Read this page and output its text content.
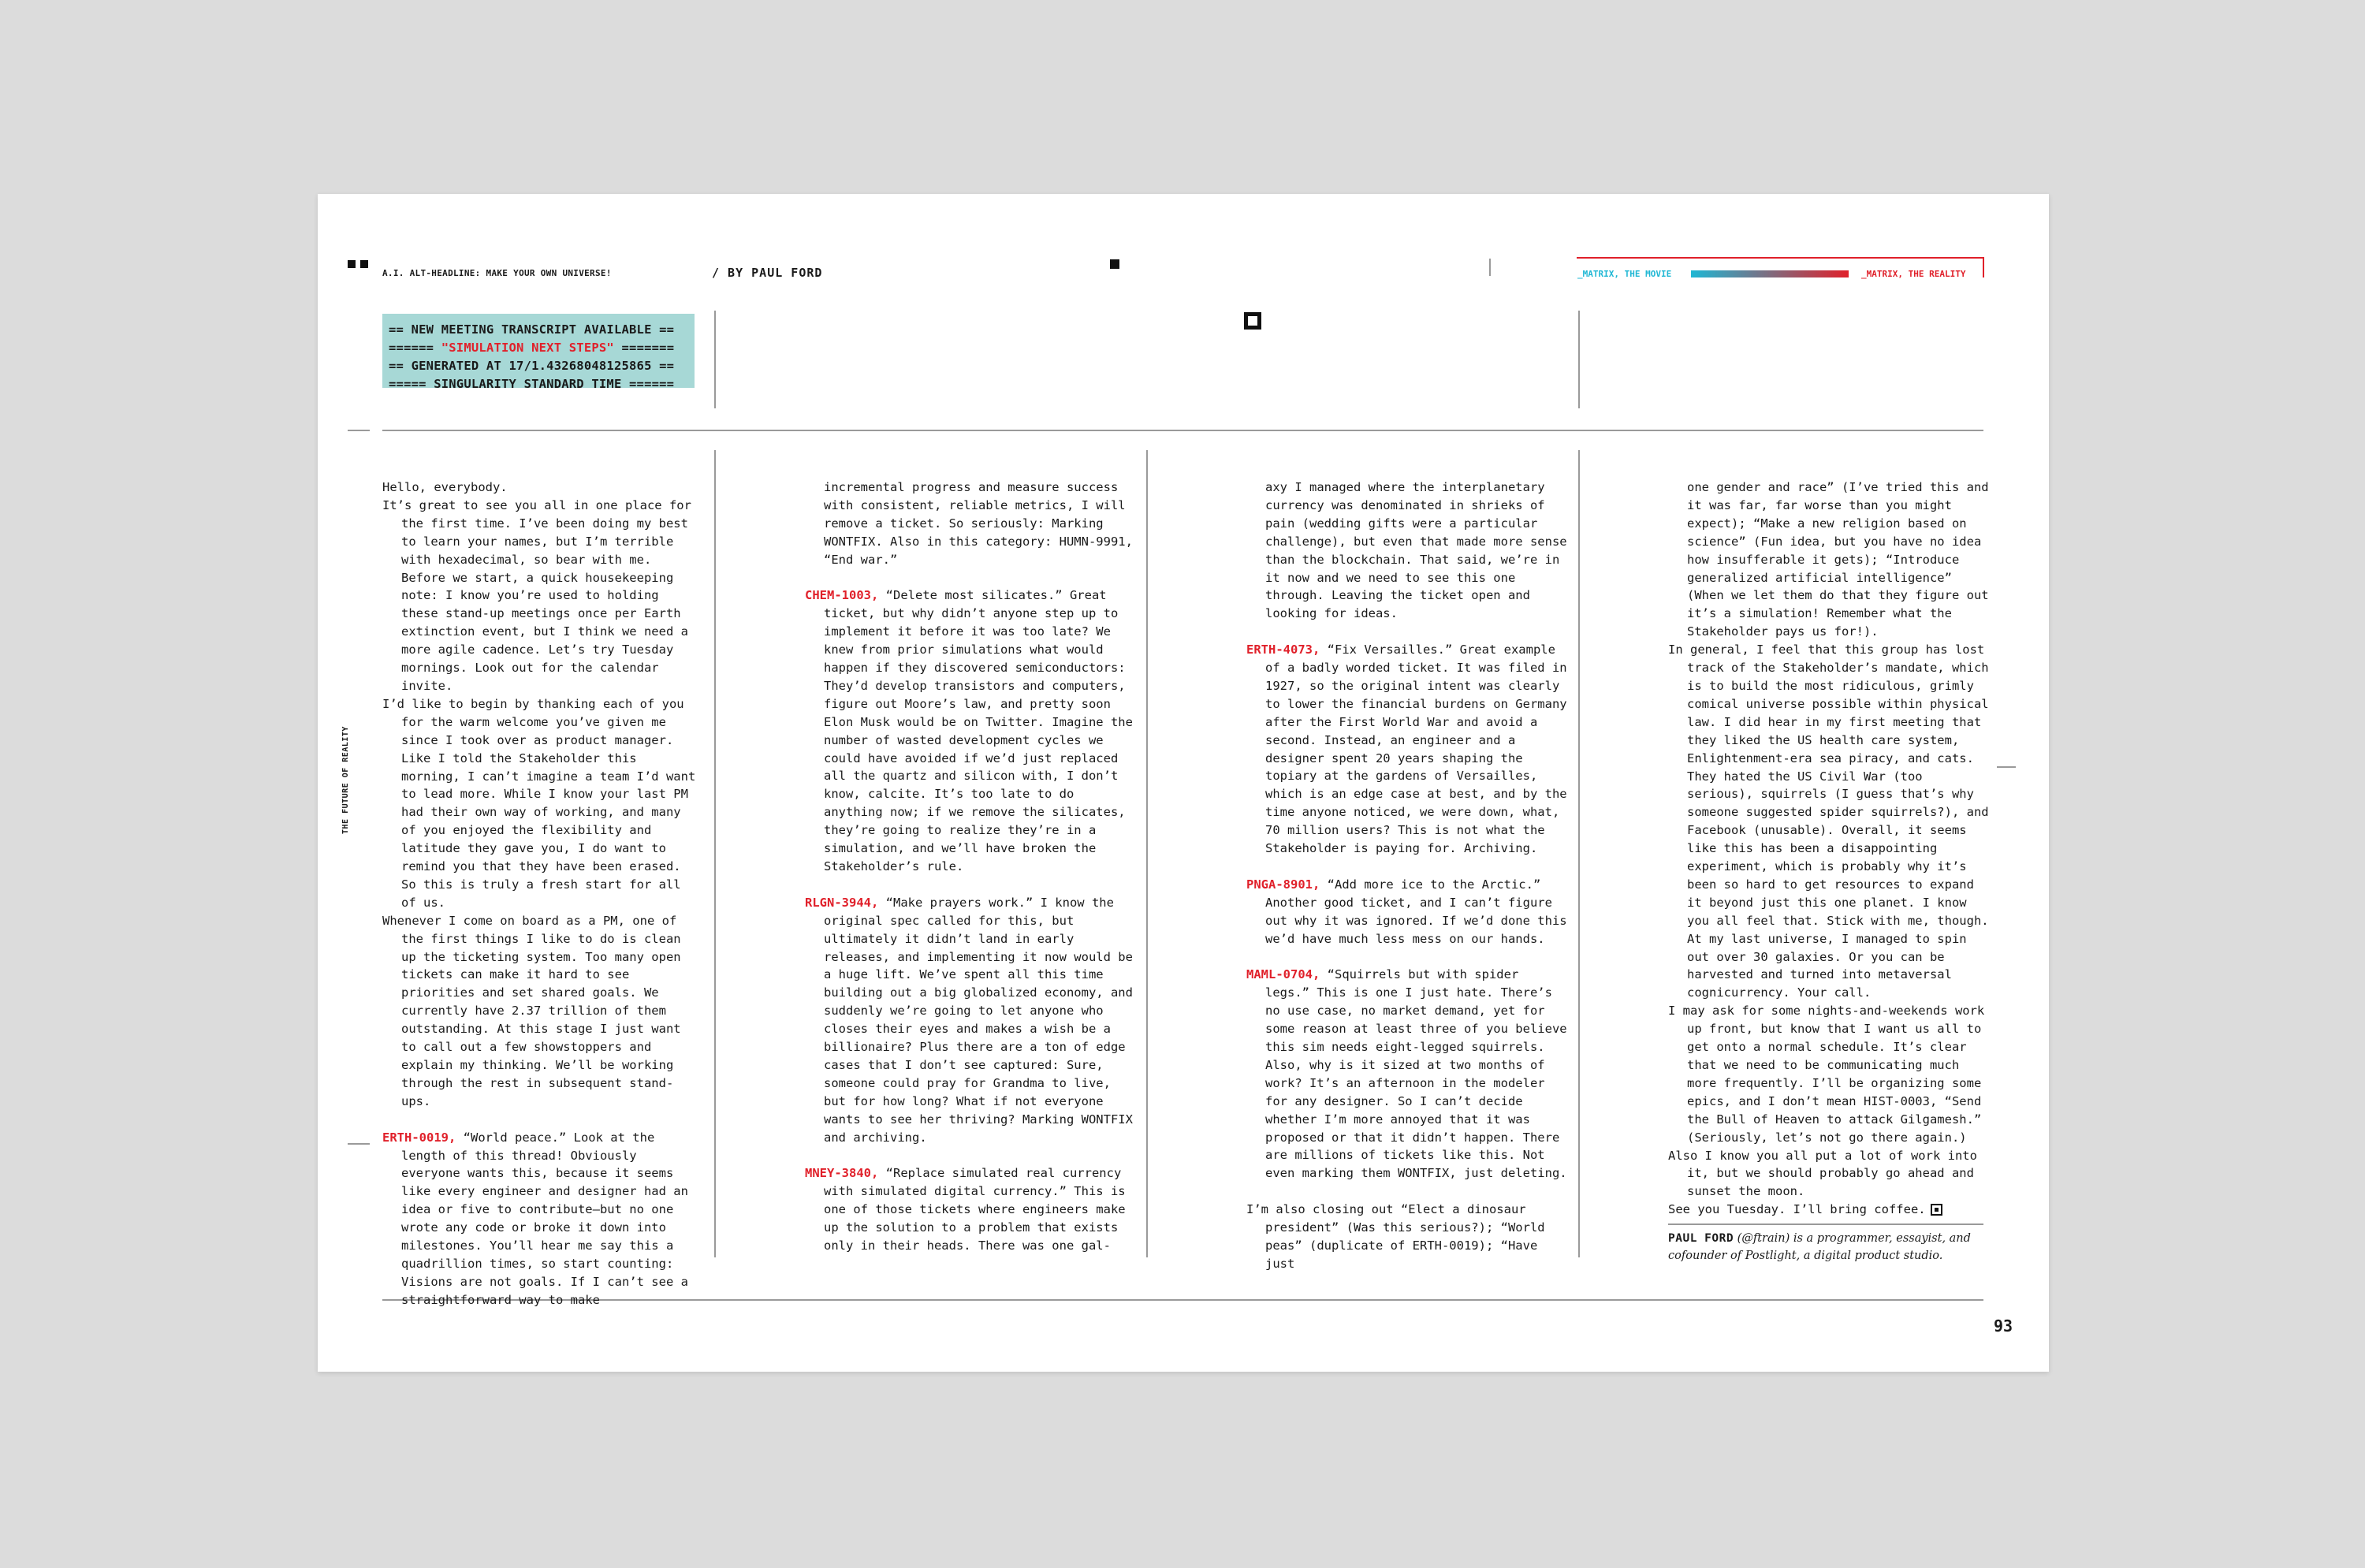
A.I. ALT-HEADLINE: MAKE YOUR OWN UNIVERSE!	/ BY PAUL FORD	_MATRIX, THE MOVIE	_MATRIX, THE REALITY
== NEW MEETING TRANSCRIPT AVAILABLE ==
====== "SIMULATION NEXT STEPS" =======
== GENERATED AT 17/1.43268048125865 ==
===== SINGULARITY STANDARD TIME ======
THE FUTURE OF REALITY

Hello, everybody.

It’s great to see you all in one place for the first time. I’ve been doing my best to learn your names, but I’m terrible with hexadecimal, so bear with me. Before we start, a quick housekeeping note: I know you’re used to holding these stand-up meetings once per Earth extinction event, but I think we need a more agile cadence. Let’s try Tuesday mornings. Look out for the calendar invite.

I’d like to begin by thanking each of you for the warm welcome you’ve given me since I took over as product manager. Like I told the Stakeholder this morning, I can’t imagine a team I’d want to lead more. While I know your last PM had their own way of working, and many of you enjoyed the flexibility and latitude they gave you, I do want to remind you that they have been erased. So this is truly a fresh start for all of us.

Whenever I come on board as a PM, one of the first things I like to do is clean up the ticketing system. Too many open tickets can make it hard to see priorities and set shared goals. We currently have 2.37 trillion of them outstanding. At this stage I just want to call out a few showstoppers and explain my thinking. We’ll be working through the rest in subsequent stand-ups.

ERTH-0019, “World peace.” Look at the length of this thread! Obviously everyone wants this, because it seems like every engineer and designer had an idea or five to contribute—but no one wrote any code or broke it down into milestones. You’ll hear me say this a quadrillion times, so start counting: Visions are not goals. If I can’t see a straightforward way to make

incremental progress and measure success with consistent, reliable metrics, I will remove a ticket. So seriously: Marking WONTFIX. Also in this category: HUMN-9991, “End war.”

CHEM-1003, “Delete most silicates.” Great ticket, but why didn’t anyone step up to implement it before it was too late? We knew from prior simulations what would happen if they discovered semiconductors: They’d develop transistors and computers, figure out Moore’s law, and pretty soon Elon Musk would be on Twitter. Imagine the number of wasted development cycles we could have avoided if we’d just replaced all the quartz and silicon with, I don’t know, calcite. It’s too late to do anything now; if we remove the silicates, they’re going to realize they’re in a simulation, and we’ll have broken the Stakeholder’s rule.

RLGN-3944, “Make prayers work.” I know the original spec called for this, but ultimately it didn’t land in early releases, and implementing it now would be a huge lift. We’ve spent all this time building out a big globalized economy, and suddenly we’re going to let anyone who closes their eyes and makes a wish be a billionaire? Plus there are a ton of edge cases that I don’t see captured: Sure, someone could pray for Grandma to live, but for how long? What if not everyone wants to see her thriving? Marking WONTFIX and archiving.

MNEY-3840, “Replace simulated real currency with simulated digital currency.” This is one of those tickets where engineers make up the solution to a problem that exists only in their heads. There was one gal-

axy I managed where the interplanetary currency was denominated in shrieks of pain (wedding gifts were a particular challenge), but even that made more sense than the blockchain. That said, we’re in it now and we need to see this one through. Leaving the ticket open and looking for ideas.

ERTH-4073, “Fix Versailles.” Great example of a badly worded ticket. It was filed in 1927, so the original intent was clearly to lower the financial burdens on Germany after the First World War and avoid a second. Instead, an engineer and a designer spent 20 years shaping the topiary at the gardens of Versailles, which is an edge case at best, and by the time anyone noticed, we were down, what, 70 million users? This is not what the Stakeholder is paying for. Archiving.

PNGA-8901, “Add more ice to the Arctic.” Another good ticket, and I can’t figure out why it was ignored. If we’d done this we’d have much less mess on our hands.

MAML-0704, “Squirrels but with spider legs.” This is one I just hate. There’s no use case, no market demand, yet for some reason at least three of you believe this sim needs eight-legged squirrels. Also, why is it sized at two months of work? It’s an afternoon in the modeler for any designer. So I can’t decide whether I’m more annoyed that it was proposed or that it didn’t happen. There are millions of tickets like this. Not even marking them WONTFIX, just deleting.

I’m also closing out “Elect a dinosaur president” (Was this serious?); “World peas” (duplicate of ERTH-0019); “Have just

one gender and race” (I’ve tried this and it was far, far worse than you might expect); “Make a new religion based on science” (Fun idea, but you have no idea how insufferable it gets); “Introduce generalized artificial intelligence” (When we let them do that they figure out it’s a simulation! Remember what the Stakeholder pays us for!).

In general, I feel that this group has lost track of the Stakeholder’s mandate, which is to build the most ridiculous, grimly comical universe possible within physical law. I did hear in my first meeting that they liked the US health care system, Enlightenment-era sea piracy, and cats. They hated the US Civil War (too serious), squirrels (I guess that’s why someone suggested spider squirrels?), and Facebook (unusable). Overall, it seems like this has been a disappointing experiment, which is probably why it’s been so hard to get resources to expand it beyond just this one planet. I know you all feel that. Stick with me, though. At my last universe, I managed to spin out over 30 galaxies. Or you can be harvested and turned into metaversal cognicurrency. Your call.

I may ask for some nights-and-weekends work up front, but know that I want us all to get onto a normal schedule. It’s clear that we need to be communicating much more frequently. I’ll be organizing some epics, and I don’t mean HIST-0003, “Send the Bull of Heaven to attack Gilgamesh.” (Seriously, let’s not go there again.)

Also I know you all put a lot of work into it, but we should probably go ahead and sunset the moon.

See you Tuesday. I’ll bring coffee.

PAUL FORD (@ftrain) is a programmer, essayist, and cofounder of Postlight, a digital product studio.
93
